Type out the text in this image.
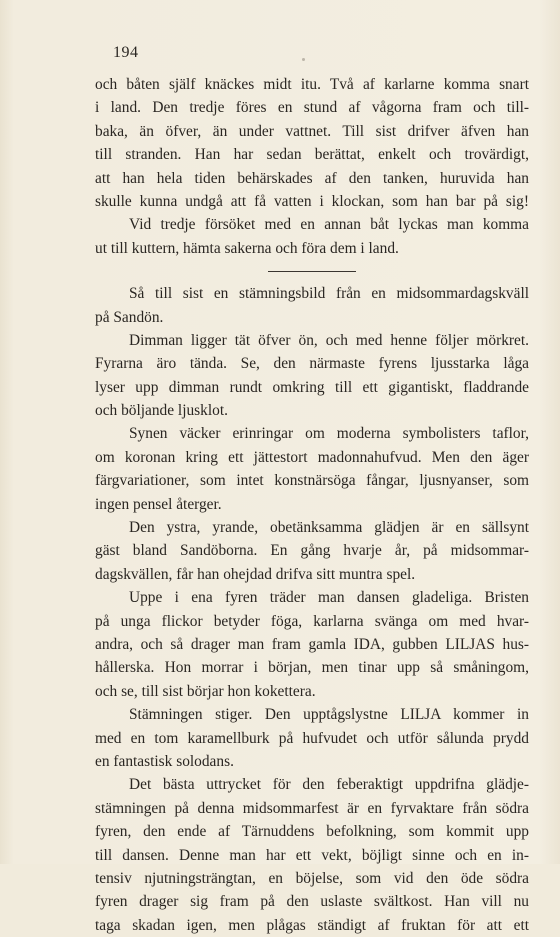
194
och båten själf knäckes midt itu. Två af karlarne komma snart
i land. Den tredje föres en stund af vågorna fram och till-
baka, än öfver, än under vattnet. Till sist drifver äfven han
till stranden. Han har sedan berättat, enkelt och trovärdigt,
att han hela tiden behärskades af den tanken, huruvida han
skulle kunna undgå att få vatten i klockan, som han bar på sig!
Vid tredje försöket med en annan båt lyckas man komma
ut till kuttern, hämta sakerna och föra dem i land.
Så till sist en stämningsbild från en midsommardagskväll
på Sandön.
Dimman ligger tät öfver ön, och med henne följer mörkret.
Fyrarna äro tända. Se, den närmaste fyrens ljusstarka låga
lyser upp dimman rundt omkring till ett gigantiskt, fladdrande
och böljande ljusklot.
Synen väcker erinringar om moderna symbolisters taflor,
om koronan kring ett jättestort madonnahufvud. Men den äger
färgvariationer, som intet konstnärsöga fångar, ljusnyanser, som
ingen pensel återger.
Den ystra, yrande, obetänksamma glädjen är en sällsynt
gäst bland Sandöborna. En gång hvarje år, på midsommar-
dagskvällen, får han ohejdad drifva sitt muntra spel.
Uppe i ena fyren träder man dansen gladeliga. Bristen
på unga flickor betyder föga, karlarna svänga om med hvar-
andra, och så drager man fram gamla IDA, gubben LILJAS hus-
hållerska. Hon morrar i början, men tinar upp så småningom,
och se, till sist börjar hon kokettera.
Stämningen stiger. Den upptågslystne LILJA kommer in
med en tom karamellburk på hufvudet och utför sålunda prydd
en fantastisk solodans.
Det bästa uttrycket för den feberaktigt uppdrifna glädje-
stämningen på denna midsommarfest är en fyrvaktare från södra
fyren, den ende af Tärnuddens befolkning, som kommit upp
till dansen. Denne man har ett vekt, böjligt sinne och en in-
tensiv njutningsträngtan, en böjelse, som vid den öde södra
fyren drager sig fram på den uslaste svältkost. Han vill nu
taga skadan igen, men plågas ständigt af fruktan för att ett
